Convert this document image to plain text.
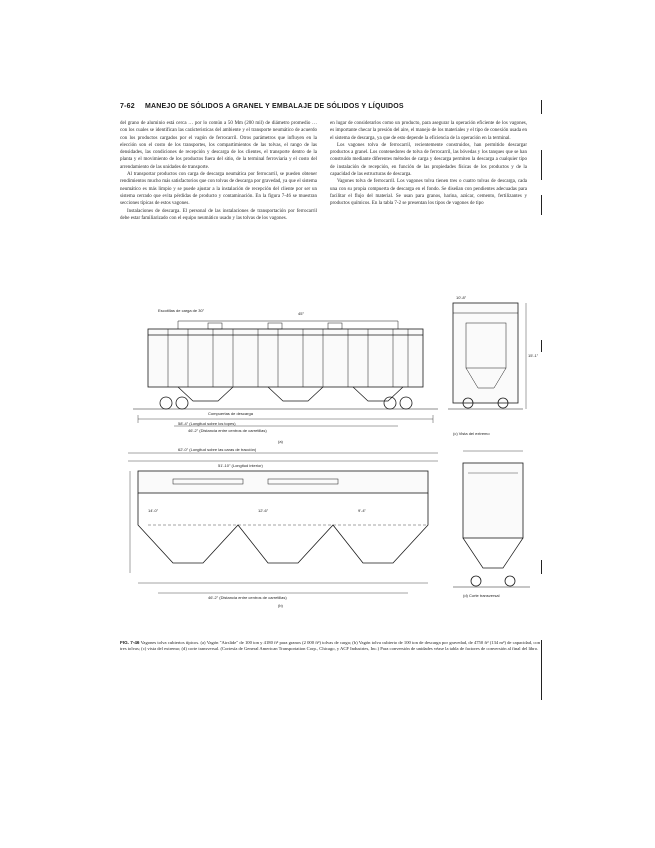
7-62 MANEJO DE SÓLIDOS A GRANEL Y EMBALAJE DE SÓLIDOS Y LÍQUIDOS

del grano de aluminio está cerca … por lo común a 50 Mm (200 mil) de diámetro promedio … con los cuales se identifican las carácteristicas del ambiente y el transporte neumático de acuerdo con los productos cargados por el vagón de ferrocarril. Otros parámetros que influyen en la elección son el costo de los transportes, los compartimientos de las tolvas, el rango de las densidades, las condiciones de recepción y descarga de los clientes, el transporte dentro de la planta y el movimiento de los productos fuera del sitio, de la terminal ferroviaria y el costo del arrendamiento de las unidades de transporte.

Al transportar productos con carga de descarga neumática por ferrocarril, se pueden obtener rendimientos mucho más satisfactorios que con tolvas de descarga por gravedad, ya que el sistema neumático es más limpio y se puede ajustar a la instalación de recepción del cliente por ser un sistema cerrado que evita pérdidas de producto y contaminación. En la figura 7-46 se muestran secciones típicas de estos vagones.

Instalaciones de descarga. El personal de las instalaciones de transportación por ferrocarril debe estar familiarizado con el equipo neumático usado y las tolvas de los vagones.

en lugar de considerarlos como un producto, para asegurar la operación eficiente de los vagones, es importante checar la presión del aire, el manejo de los materiales y el tipo de conexión usada en el sistema de descarga, ya que de esto depende la eficiencia de la operación en la terminal.

Los vagones tolva de ferrocarril, recientemente construidos, han permitido descargar productos a granel. Los contenedores de tolva de ferrocarril, las bóvedas y los tanques que se han construido mediante diferentes métodos de carga y descarga permiten la descarga a cualquier tipo de instalación de recepción, en función de las propiedades físicas de los productos y de la capacidad de las estructuras de descarga.

Vagones tolva de ferrocarril. Los vagones tolva tienen tres o cuatro tolvas de descarga, cada una con su propia compuerta de descarga en el fondo. Se diseñan con pendientes adecuadas para facilitar el flujo del material. Se usan para granos, harina, azúcar, cemento, fertilizantes y productos químicos. En la tabla 7-2 se presentan los tipos de vagones de tipo

Escotillas de carga de 30"
45°
Compuertas de descarga
58'-4" (Longitud sobre los topes)
46'-2" (Distancia entre centros de carretillas)
(a)
10'-8"
15'-1"
(c) Vista del extremo
62'-0" (Longitud sobre las caras de tracción)
51'-10" (Longitud interior)
14'-0"	12'-6"	9'-4"
46'-2" (Distancia entre centros de carretillas)
(b)
(d) Corte transversal
FIG. 7-46 Vagones tolva cubiertos típicos. (a) Vagón "Airslide" de 100 ton y 4180 ft³ para granos (2 000 ft³) tolvas de carga; (b) Vagón tolva cubierto de 100 ton de descarga por gravedad, de 4750 ft³ (134 m³) de capacidad, con tres tolvas; (c) vista del extremo; (d) corte transversal. (Cortesía de General American Transportation Corp., Chicago, y ACF Industries, Inc.) Para conversión de unidades véase la tabla de factores de conversión al final del libro.
